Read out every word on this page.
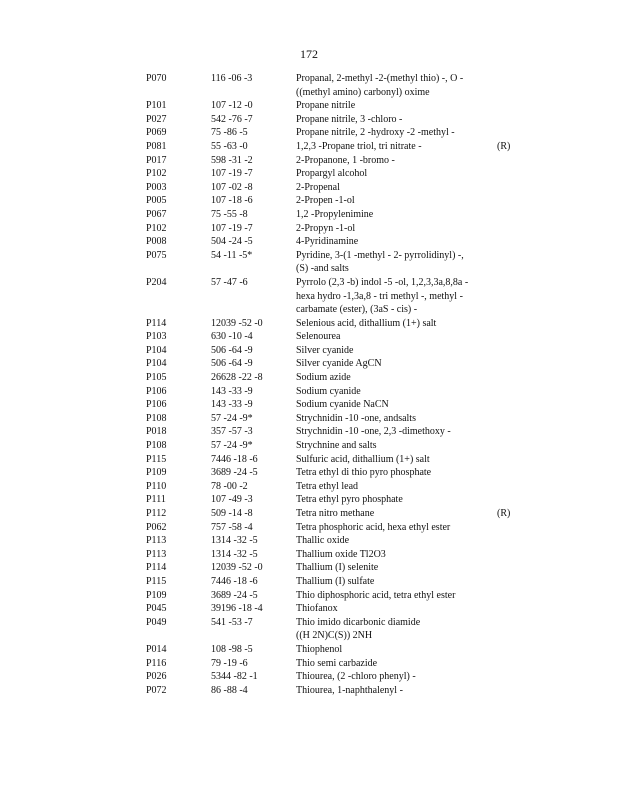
172
P070	116 -06 -3	Propanal, 2-methyl -2-(methyl thio) -, O -
((methyl amino) carbonyl) oxime
P101	107 -12 -0	Propane nitrile
P027	542 -76 -7	Propane nitrile, 3 -chloro -
P069	75 -86 -5	Propane nitrile, 2 -hydroxy -2 -methyl -
P081	55 -63 -0	1,2,3 -Propane triol, tri nitrate -	(R)
P017	598 -31 -2	2-Propanone, 1 -bromo -
P102	107 -19 -7	Propargyl alcohol
P003	107 -02 -8	2-Propenal
P005	107 -18 -6	2-Propen -1-ol
P067	75 -55 -8	1,2 -Propylenimine
P102	107 -19 -7	2-Propyn -1-ol
P008	504 -24 -5	4-Pyridinamine
P075	54 -11 -5*	Pyridine, 3-(1 -methyl - 2- pyrrolidinyl) -,
(S) -and salts
P204	57 -47 -6	Pyrrolo (2,3 -b) indol -5 -ol, 1,2,3,3a,8,8a -
hexa hydro -1,3a,8 - tri methyl -, methyl -
carbamate (ester), (3aS - cis) -
P114	12039 -52 -0	Selenious acid, dithallium (1+) salt
P103	630 -10 -4	Selenourea
P104	506 -64 -9	Silver cyanide
P104	506 -64 -9	Silver cyanide AgCN
P105	26628 -22 -8	Sodium azide
P106	143 -33 -9	Sodium cyanide
P106	143 -33 -9	Sodium cyanide NaCN
P108	57 -24 -9*	Strychnidin -10 -one, andsalts
P018	357 -57 -3	Strychnidin -10 -one, 2,3 -dimethoxy -
P108	57 -24 -9*	Strychnine and salts
P115	7446 -18 -6	Sulfuric acid, dithallium (1+) salt
P109	3689 -24 -5	Tetra ethyl di thio pyro phosphate
P110	78 -00 -2	Tetra ethyl lead
P111	107 -49 -3	Tetra ethyl pyro phosphate
P112	509 -14 -8	Tetra nitro methane	(R)
P062	757 -58 -4	Tetra phosphoric acid, hexa ethyl ester
P113	1314 -32 -5	Thallic oxide
P113	1314 -32 -5	Thallium oxide Tl2O3
P114	12039 -52 -0	Thallium (I) selenite
P115	7446 -18 -6	Thallium (I) sulfate
P109	3689 -24 -5	Thio diphosphoric acid, tetra ethyl ester
P045	39196 -18 -4	Thiofanox
P049	541 -53 -7	Thio imido dicarbonic diamide
((H 2N)C(S)) 2NH
P014	108 -98 -5	Thiophenol
P116	79 -19 -6	Thio semi carbazide
P026	5344 -82 -1	Thiourea, (2 -chloro phenyl) -
P072	86 -88 -4	Thiourea, 1-naphthalenyl -
